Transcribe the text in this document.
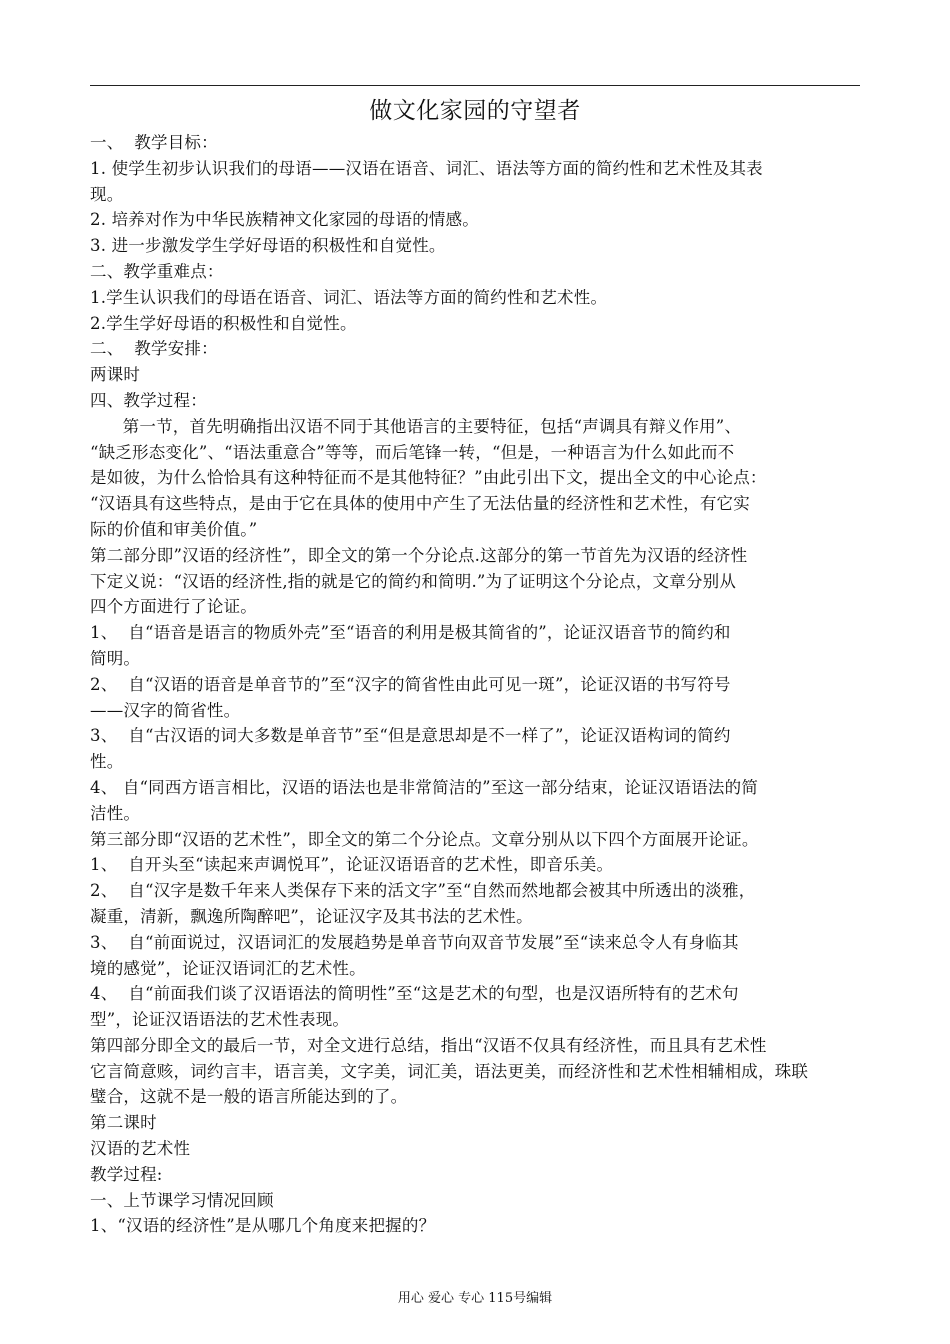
做文化家园的守望者
一、  教学目标：
1. 使学生初步认识我们的母语——汉语在语音、词汇、语法等方面的简约性和艺术性及其表
现。
2. 培养对作为中华民族精神文化家园的母语的情感。
3. 进一步激发学生学好母语的积极性和自觉性。
二、教学重难点：
1.学生认识我们的母语在语音、词汇、语法等方面的简约性和艺术性。
2.学生学好母语的积极性和自觉性。
二、  教学安排：
两课时
四、教学过程：
第一节，首先明确指出汉语不同于其他语言的主要特征，包括“声调具有辩义作用”、
“缺乏形态变化”、“语法重意合”等等，而后笔锋一转，“但是，一种语言为什么如此而不
是如彼，为什么恰恰具有这种特征而不是其他特征？”由此引出下文，提出全文的中心论点：
“汉语具有这些特点，是由于它在具体的使用中产生了无法估量的经济性和艺术性，有它实
际的价值和审美价值。”
第二部分即”汉语的经济性”，即全文的第一个分论点.这部分的第一节首先为汉语的经济性
下定义说：“汉语的经济性,指的就是它的简约和简明.”为了证明这个分论点，文章分别从
四个方面进行了论证。
1、  自“语音是语言的物质外壳”至“语音的利用是极其简省的”，论证汉语音节的简约和
简明。
2、  自“汉语的语音是单音节的”至“汉字的简省性由此可见一斑”，论证汉语的书写符号
——汉字的简省性。
3、  自“古汉语的词大多数是单音节”至“但是意思却是不一样了”，论证汉语构词的简约
性。
4、 自“同西方语言相比，汉语的语法也是非常简洁的”至这一部分结束，论证汉语语法的简
洁性。
第三部分即“汉语的艺术性”，即全文的第二个分论点。文章分别从以下四个方面展开论证。
1、  自开头至“读起来声调悦耳”，论证汉语语音的艺术性，即音乐美。
2、  自“汉字是数千年来人类保存下来的活文字”至“自然而然地都会被其中所透出的淡雅，
凝重，清新，飘逸所陶醉吧”，论证汉字及其书法的艺术性。
3、  自“前面说过，汉语词汇的发展趋势是单音节向双音节发展”至“读来总令人有身临其
境的感觉”，论证汉语词汇的艺术性。
4、  自“前面我们谈了汉语语法的简明性”至“这是艺术的句型，也是汉语所特有的艺术句
型”，论证汉语语法的艺术性表现。
第四部分即全文的最后一节，对全文进行总结，指出“汉语不仅具有经济性，而且具有艺术性
它言简意赅，词约言丰，语言美，文字美，词汇美，语法更美，而经济性和艺术性相辅相成，珠联
璧合，这就不是一般的语言所能达到的了。
第二课时
汉语的艺术性
教学过程:
一、上节课学习情况回顾
1、“汉语的经济性”是从哪几个角度来把握的？
用心 爱心 专心 115号编辑
